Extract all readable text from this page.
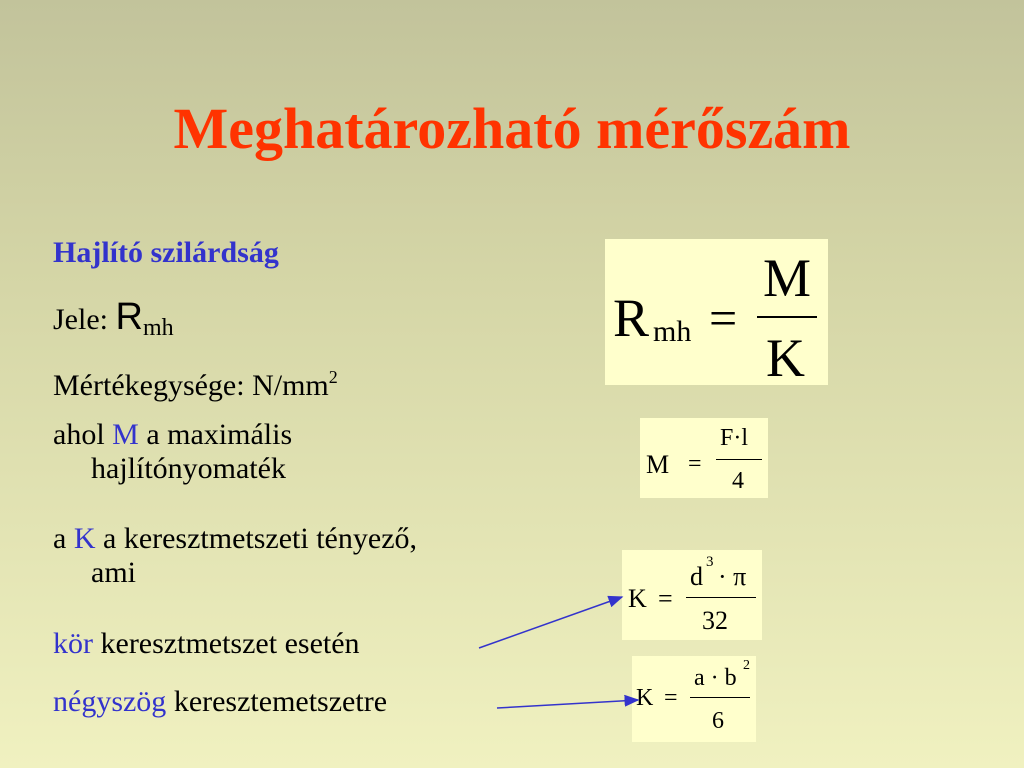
Meghatározható mérőszám
Hajlító szilárdság
Jele: $R_{mh}$
Mértékegysége: $N/mm^2$
ahol M a maximális
hajlítónyomaték
a K a keresztmetszeti tényező,
ami
kör keresztmetszet esetén
négyszög keresztemetszetre
R mh =
M
K
M =
F·l
4
K =
d 3 · π
32
K =
a · b 2
6
